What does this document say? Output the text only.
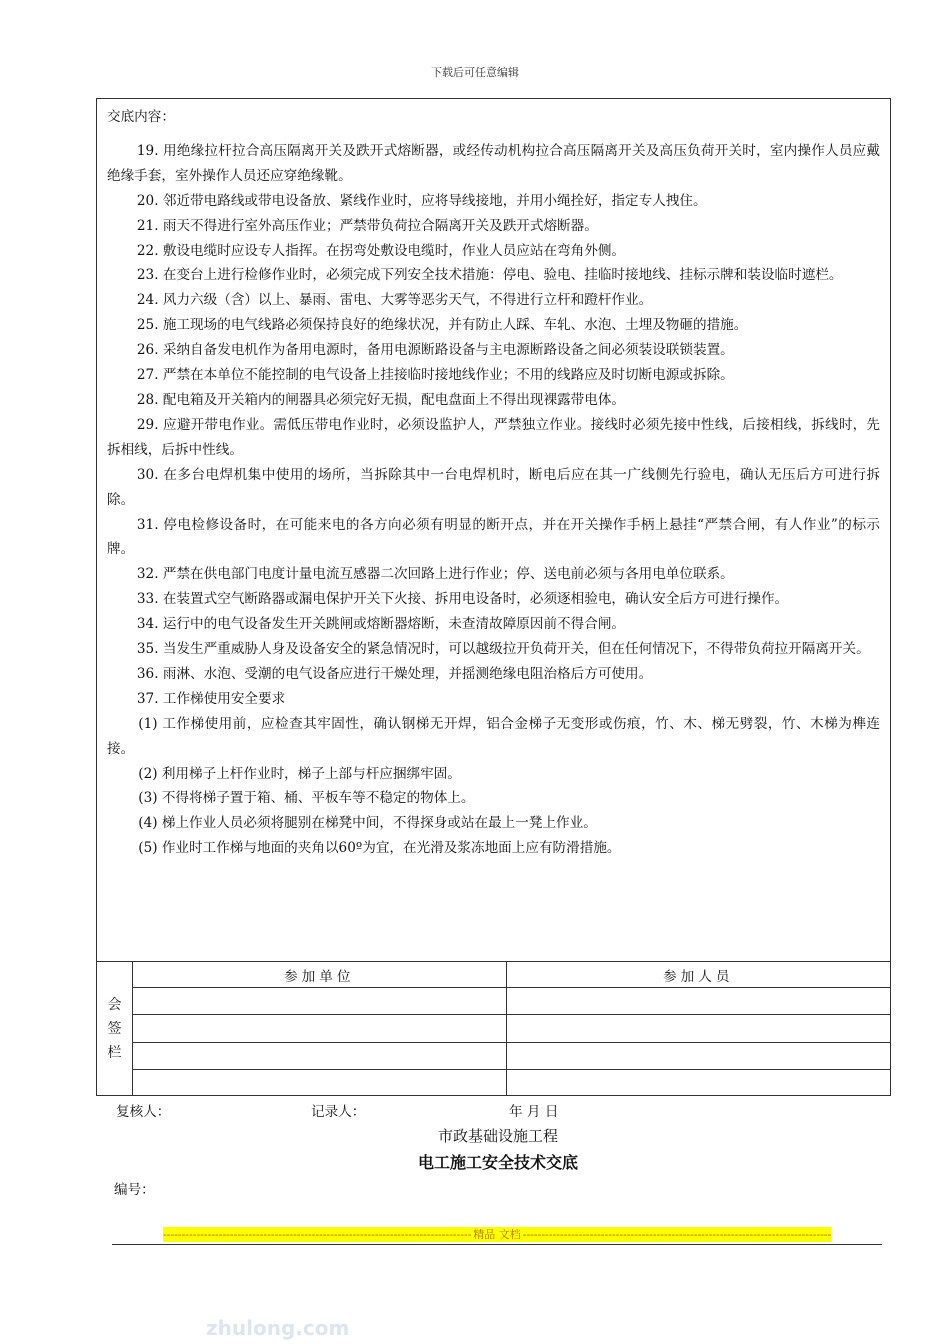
下载后可任意编辑

交底内容：

19. 用绝缘拉杆拉合高压隔离开关及跌开式熔断器，或经传动机构拉合高压隔离开关及高压负荷开关时，室内操作人员应戴绝缘手套，室外操作人员还应穿绝缘靴。

20. 邻近带电路线或带电设备放、紧线作业时，应将导线接地，并用小绳拴好，指定专人拽住。

21. 雨天不得进行室外高压作业；严禁带负荷拉合隔离开关及跌开式熔断器。

22. 敷设电缆时应设专人指挥。在拐弯处敷设电缆时，作业人员应站在弯角外侧。

23. 在变台上进行检修作业时，必须完成下列安全技术措施：停电、验电、挂临时接地线、挂标示牌和装设临时遮栏。

24. 风力六级（含）以上、暴雨、雷电、大雾等恶劣天气，不得进行立杆和蹬杆作业。

25. 施工现场的电气线路必须保持良好的绝缘状况，并有防止人踩、车轧、水泡、土埋及物砸的措施。

26. 采纳自备发电机作为备用电源时，备用电源断路设备与主电源断路设备之间必须装设联锁装置。

27. 严禁在本单位不能控制的电气设备上挂接临时接地线作业；不用的线路应及时切断电源或拆除。

28. 配电箱及开关箱内的闸器具必须完好无损，配电盘面上不得出现裸露带电体。

29. 应避开带电作业。需低压带电作业时，必须设监护人，严禁独立作业。接线时必须先接中性线，后接相线，拆线时，先拆相线，后拆中性线。

30. 在多台电焊机集中使用的场所，当拆除其中一台电焊机时，断电后应在其一广线侧先行验电，确认无压后方可进行拆除。

31. 停电检修设备时，在可能来电的各方向必须有明显的断开点，并在开关操作手柄上悬挂“严禁合闸，有人作业”的标示牌。

32. 严禁在供电部门电度计量电流互感器二次回路上进行作业；停、送电前必须与各用电单位联系。

33. 在装置式空气断路器或漏电保护开关下火接、拆用电设备时，必须逐相验电，确认安全后方可进行操作。

34. 运行中的电气设备发生开关跳闸或熔断器熔断，未查清故障原因前不得合闸。

35. 当发生严重威胁人身及设备安全的紧急情况时，可以越级拉开负荷开关，但在任何情况下，不得带负荷拉开隔离开关。

36. 雨淋、水泡、受潮的电气设备应进行干燥处理，并摇测绝缘电阻治格后方可使用。

37. 工作梯使用安全要求

(1) 工作梯使用前，应检查其牢固性，确认钢梯无开焊，铝合金梯子无变形或伤痕，竹、木、梯无劈裂，竹、木梯为榫连接。

(2) 利用梯子上杆作业时，梯子上部与杆应捆绑牢固。

(3) 不得将梯子置于箱、桶、平板车等不稳定的物体上。

(4) 梯上作业人员必须将腿别在梯凳中间，不得探身或站在最上一凳上作业。

(5) 作业时工作梯与地面的夹角以60º为宜，在光滑及浆冻地面上应有防滑措施。

会签栏
参加单位	参加人员

复核人：	记录人：	年 月 日
市政基础设施工程
电工施工安全技术交底
编号：
-----
精品 文档
-----
zhulong.com
